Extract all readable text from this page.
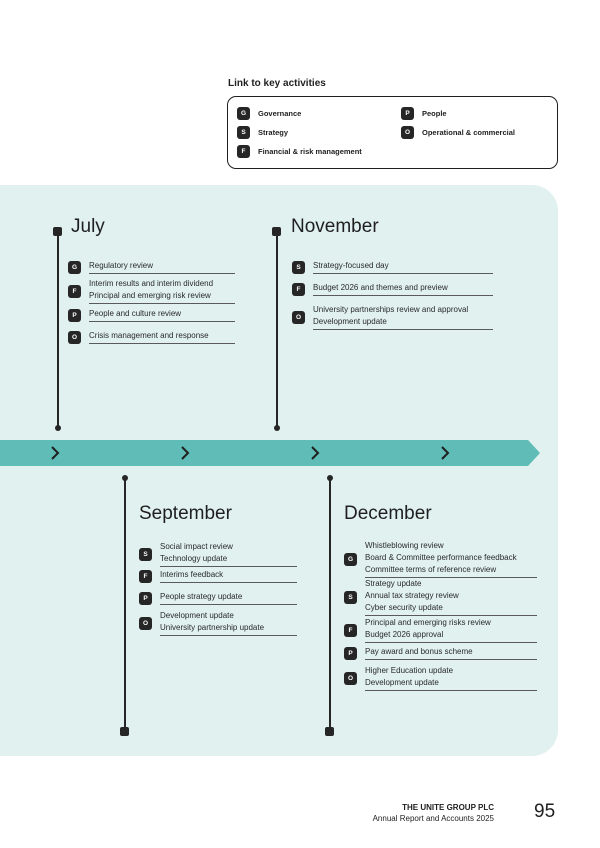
Link to key activities
G	Governance	P	People
S	Strategy	O	Operational & commercial
F	Financial & risk management
July
G	Regulatory review
F
Interim results and interim dividend
Principal and emerging risk review
P	People and culture review
O	Crisis management and response
November
S	Strategy-focused day
F	Budget 2026 and themes and preview
O
University partnerships review and approval
Development update
September
S
Social impact review
Technology update
F	Interims feedback
P	People strategy update
O
Development update
University partnership update
December
G
Whistleblowing review
Board & Committee performance feedback
Committee terms of reference review
S
Strategy update
Annual tax strategy review
Cyber security update
F
Principal and emerging risks review
Budget 2026 approval
P	Pay award and bonus scheme
O
Higher Education update
Development update
THE UNITE GROUP PLC
Annual Report and Accounts 2025 95
